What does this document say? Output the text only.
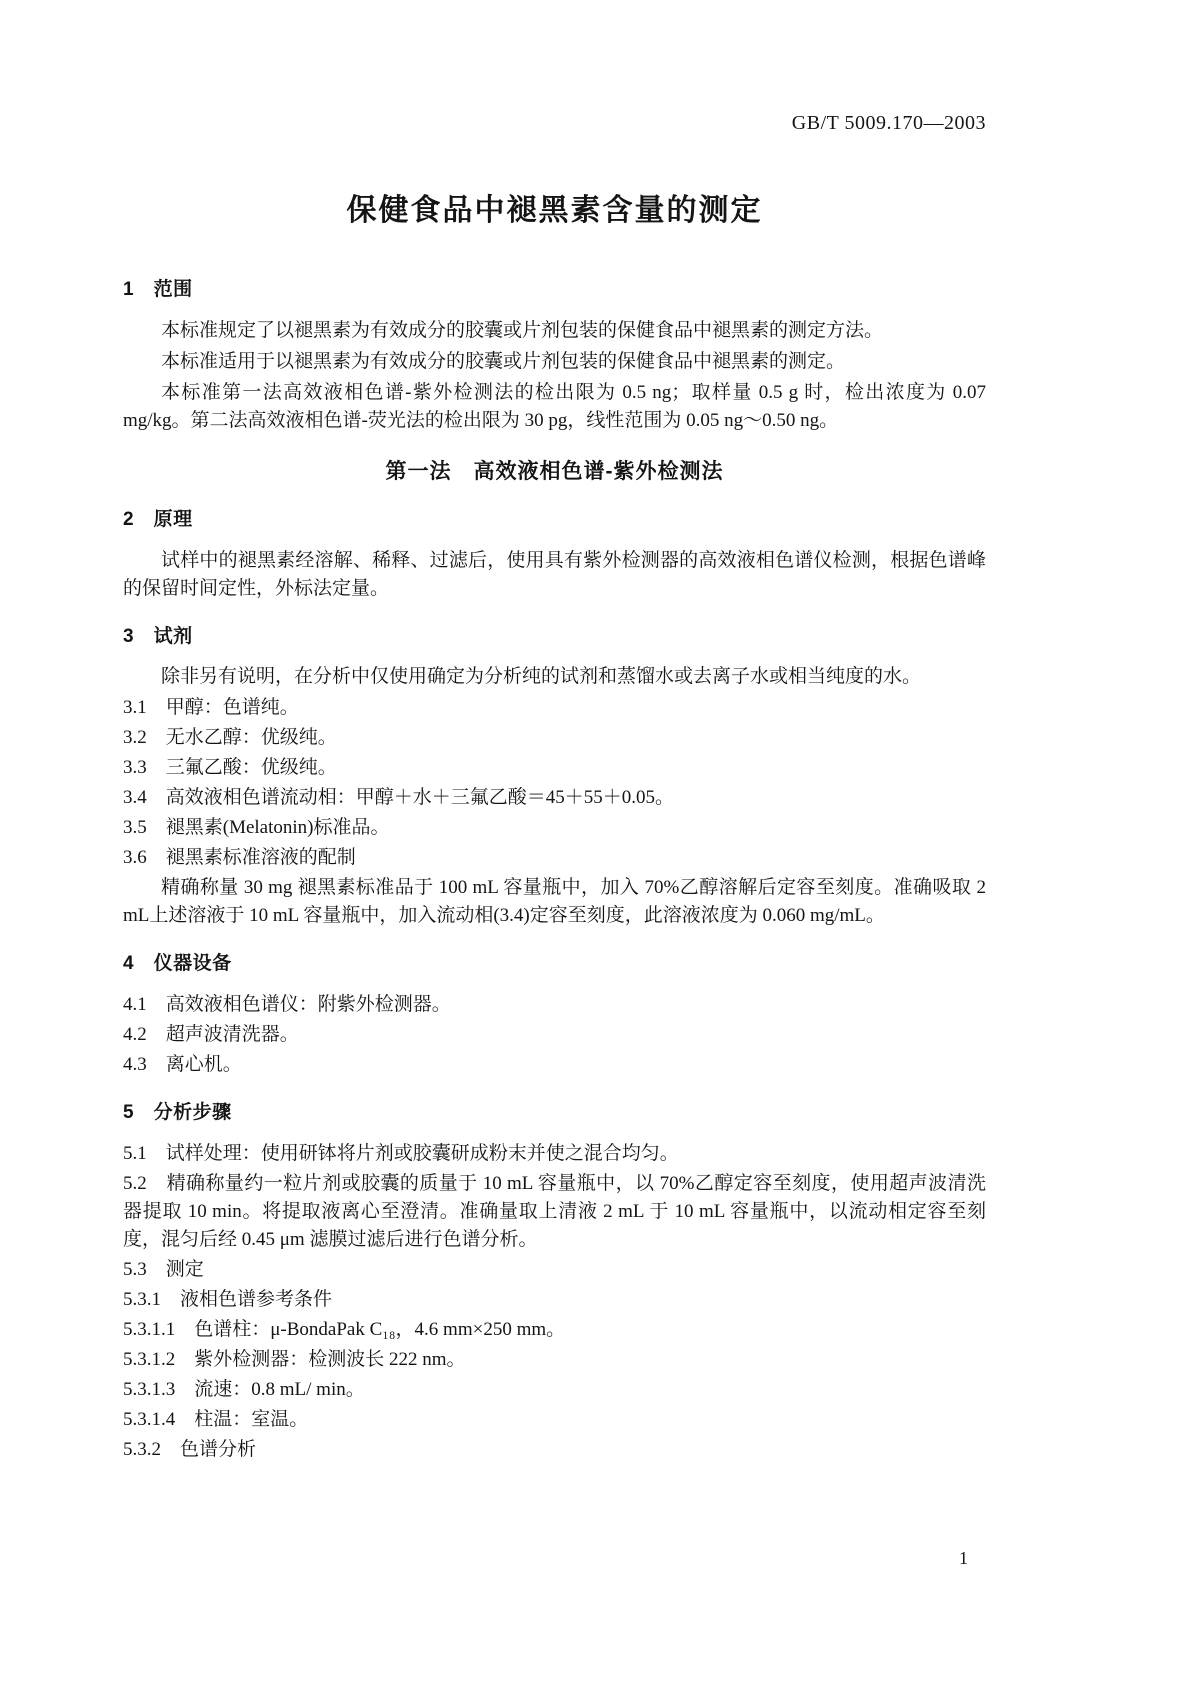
GB/T 5009.170—2003
保健食品中褪黑素含量的测定
1　范围

本标准规定了以褪黑素为有效成分的胶囊或片剂包装的保健食品中褪黑素的测定方法。

本标准适用于以褪黑素为有效成分的胶囊或片剂包装的保健食品中褪黑素的测定。

本标准第一法高效液相色谱-紫外检测法的检出限为 0.5 ng；取样量 0.5 g 时，检出浓度为 0.07 mg/kg。第二法高效液相色谱-荧光法的检出限为 30 pg，线性范围为 0.05 ng～0.50 ng。

第一法　高效液相色谱-紫外检测法
2　原理

试样中的褪黑素经溶解、稀释、过滤后，使用具有紫外检测器的高效液相色谱仪检测，根据色谱峰的保留时间定性，外标法定量。

3　试剂

除非另有说明，在分析中仅使用确定为分析纯的试剂和蒸馏水或去离子水或相当纯度的水。

3.1　甲醇：色谱纯。

3.2　无水乙醇：优级纯。

3.3　三氟乙酸：优级纯。

3.4　高效液相色谱流动相：甲醇＋水＋三氟乙酸＝45＋55＋0.05。

3.5　褪黑素(Melatonin)标准品。

3.6　褪黑素标准溶液的配制

精确称量 30 mg 褪黑素标准品于 100 mL 容量瓶中，加入 70%乙醇溶解后定容至刻度。准确吸取 2 mL上述溶液于 10 mL 容量瓶中，加入流动相(3.4)定容至刻度，此溶液浓度为 0.060 mg/mL。

4　仪器设备

4.1　高效液相色谱仪：附紫外检测器。

4.2　超声波清洗器。

4.3　离心机。

5　分析步骤

5.1　试样处理：使用研钵将片剂或胶囊研成粉末并使之混合均匀。

5.2　精确称量约一粒片剂或胶囊的质量于 10 mL 容量瓶中，以 70%乙醇定容至刻度，使用超声波清洗器提取 10 min。将提取液离心至澄清。准确量取上清液 2 mL 于 10 mL 容量瓶中，以流动相定容至刻度，混匀后经 0.45 μm 滤膜过滤后进行色谱分析。

5.3　测定

5.3.1　液相色谱参考条件

5.3.1.1　色谱柱：μ-BondaPak C₁₈，4.6 mm×250 mm。

5.3.1.2　紫外检测器：检测波长 222 nm。

5.3.1.3　流速：0.8 mL/ min。

5.3.1.4　柱温：室温。

5.3.2　色谱分析

1
